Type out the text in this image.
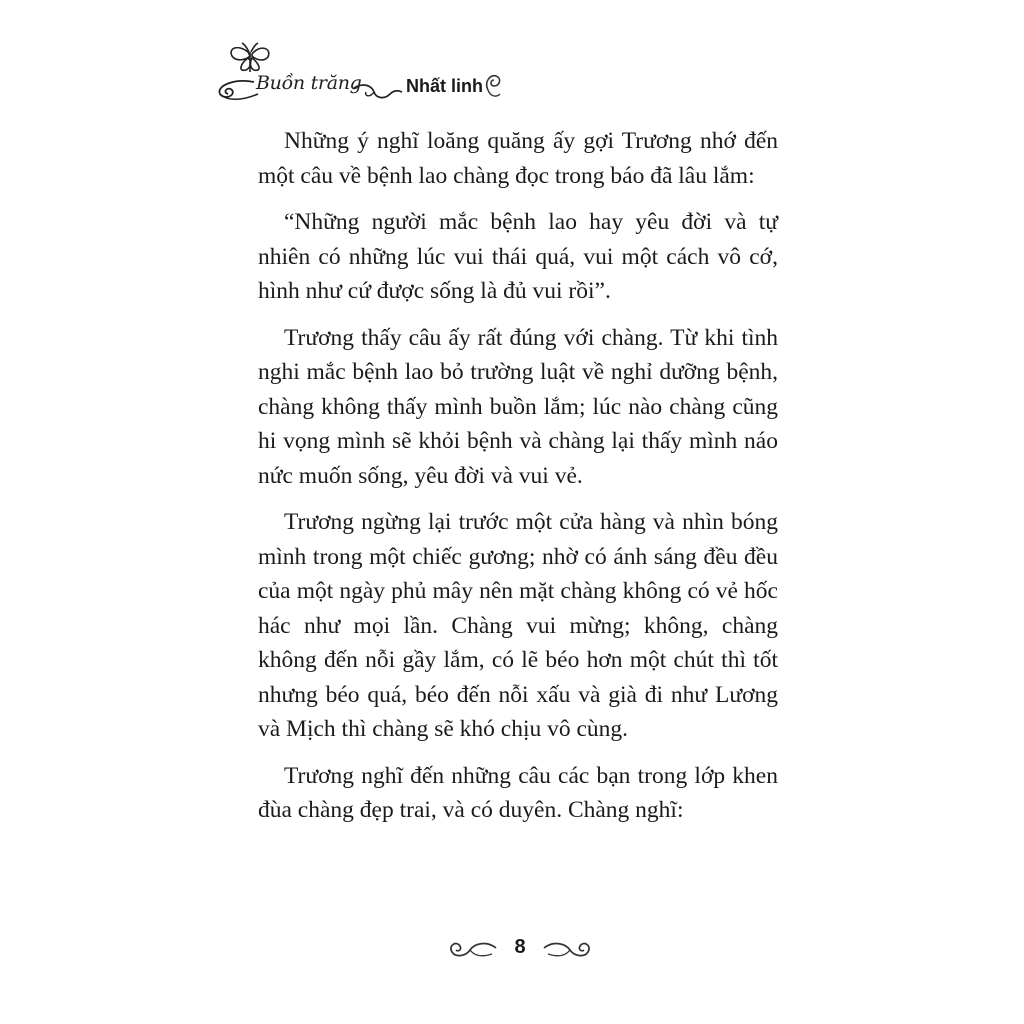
Buồn trăng Nhất linh

Những ý nghĩ loăng quăng ấy gợi Trương nhớ đến một câu về bệnh lao chàng đọc trong báo đã lâu lắm:

“Những người mắc bệnh lao hay yêu đời và tự nhiên có những lúc vui thái quá, vui một cách vô cớ, hình như cứ được sống là đủ vui rồi”.

Trương thấy câu ấy rất đúng với chàng. Từ khi tình nghi mắc bệnh lao bỏ trường luật về nghỉ dưỡng bệnh, chàng không thấy mình buồn lắm; lúc nào chàng cũng hi vọng mình sẽ khỏi bệnh và chàng lại thấy mình náo nức muốn sống, yêu đời và vui vẻ.

Trương ngừng lại trước một cửa hàng và nhìn bóng mình trong một chiếc gương; nhờ có ánh sáng đều đều của một ngày phủ mây nên mặt chàng không có vẻ hốc hác như mọi lần. Chàng vui mừng; không, chàng không đến nỗi gầy lắm, có lẽ béo hơn một chút thì tốt nhưng béo quá, béo đến nỗi xấu và già đi như Lương và Mịch thì chàng sẽ khó chịu vô cùng.

Trương nghĩ đến những câu các bạn trong lớp khen đùa chàng đẹp trai, và có duyên. Chàng nghĩ:

8
